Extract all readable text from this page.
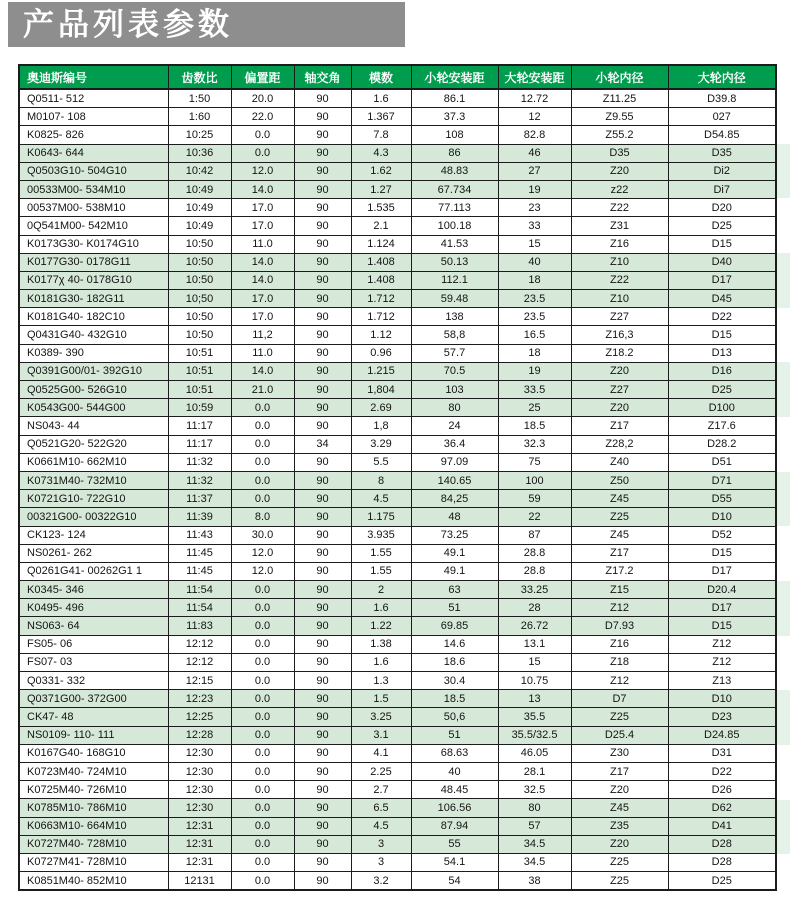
产品列表参数
奥迪斯编号	齿数比	偏置距	轴交角	模数	小轮安装距	大轮安装距	小轮内径	大轮内径
Q0511- 512	1:50	20.0	90	1.6	86.1	12.72	Z11.25	D39.8
M0107- 108	1:60	22.0	90	1.367	37.3	12	Z9.55	027
K0825- 826	10:25	0.0	90	7.8	108	82.8	Z55.2	D54.85
K0643- 644	10:36	0.0	90	4.3	86	46	D35	D35
Q0503G10- 504G10	10:42	12.0	90	1.62	48.83	27	Z20	Di2
00533M00- 534M10	10:49	14.0	90	1.27	67.734	19	z22	Di7
00537M00- 538M10	10:49	17.0	90	1.535	77.113	23	Z22	D20
0Q541M00- 542M10	10:49	17.0	90	2.1	100.18	33	Z31	D25
K0173G30- K0174G10	10:50	11.0	90	1.124	41.53	15	Z16	D15
K0177G30- 0178G11	10:50	14.0	90	1.408	50.13	40	Z10	D40
K0177χ 40- 0178G10	10:50	14.0	90	1.408	112.1	18	Z22	D17
K0181G30- 182G11	10;50	17.0	90	1.712	59.48	23.5	Z10	D45
K0181G40- 182C10	10:50	17.0	90	1.712	138	23.5	Z27	D22
Q0431G40- 432G10	10:50	11,2	90	1.12	58,8	16.5	Z16,3	D15
K0389- 390	10:51	11.0	90	0.96	57.7	18	Z18.2	D13
Q0391G00/01- 392G10	10:51	14.0	90	1.215	70.5	19	Z20	D16
Q0525G00- 526G10	10:51	21.0	90	1,804	103	33.5	Z27	D25
K0543G00- 544G00	10:59	0.0	90	2.69	80	25	Z20	D100
NS043- 44	11:17	0.0	90	1,8	24	18.5	Z17	Z17.6
Q0521G20- 522G20	11:17	0.0	34	3.29	36.4	32.3	Z28,2	D28.2
K0661M10- 662M10	11:32	0.0	90	5.5	97.09	75	Z40	D51
K0731M40- 732M10	11:32	0.0	90	8	140.65	100	Z50	D71
K0721G10- 722G10	11:37	0.0	90	4.5	84,25	59	Z45	D55
00321G00- 00322G10	11:39	8.0	90	1.175	48	22	Z25	D10
CK123- 124	11:43	30.0	90	3.935	73.25	87	Z45	D52
NS0261- 262	11:45	12.0	90	1.55	49.1	28.8	Z17	D15
Q0261G41- 00262G1 1	11:45	12.0	90	1.55	49.1	28.8	Z17.2	D17
K0345- 346	11:54	0.0	90	2	63	33.25	Z15	D20.4
K0495- 496	11:54	0.0	90	1.6	51	28	Z12	D17
NS063- 64	11:83	0.0	90	1.22	69.85	26.72	D7.93	D15
FS05- 06	12:12	0.0	90	1.38	14.6	13.1	Z16	Z12
FS07- 03	12:12	0.0	90	1.6	18.6	15	Z18	Z12
Q0331- 332	12:15	0.0	90	1.3	30.4	10.75	Z12	Z13
Q0371G00- 372G00	12:23	0.0	90	1.5	18.5	13	D7	D10
CK47- 48	12:25	0.0	90	3.25	50,6	35.5	Z25	D23
NS0109- 110- 111	12:28	0.0	90	3.1	51	35.5/32.5	D25.4	D24.85
K0167G40- 168G10	12:30	0.0	90	4.1	68.63	46.05	Z30	D31
K0723M40- 724M10	12:30	0.0	90	2.25	40	28.1	Z17	D22
K0725M40- 726M10	12:30	0.0	90	2.7	48.45	32.5	Z20	D26
K0785M10- 786M10	12:30	0.0	90	6.5	106.56	80	Z45	D62
K0663M10- 664M10	12:31	0.0	90	4.5	87.94	57	Z35	D41
K0727M40- 728M10	12:31	0.0	90	3	55	34.5	Z20	D28
K0727M41- 728M10	12:31	0.0	90	3	54.1	34.5	Z25	D28
K0851M40- 852M10	12131	0.0	90	3.2	54	38	Z25	D25
